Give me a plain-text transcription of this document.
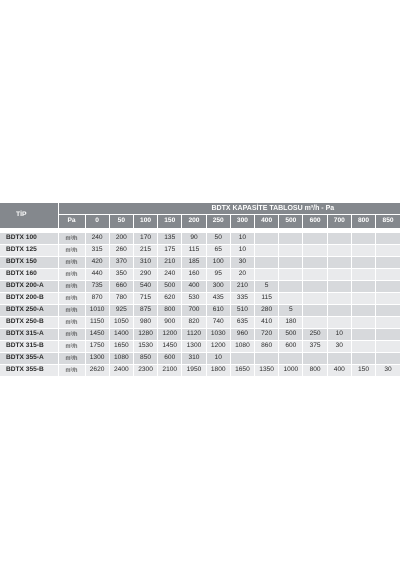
TİP	BDTX KAPASİTE TABLOSU m³/h - Pa													
	Pa	0	50	100	150	200	250	300	400	500	600	700	800	850

BDTX 100	m³/h	240	200	170	135	90	50	10						
BDTX 125	m³/h	315	260	215	175	115	65	10						
BDTX 150	m³/h	420	370	310	210	185	100	30						
BDTX 160	m³/h	440	350	290	240	160	95	20						
BDTX 200-A	m³/h	735	660	540	500	400	300	210	5					
BDTX 200-B	m³/h	870	780	715	620	530	435	335	115					
BDTX 250-A	m³/h	1010	925	875	800	700	610	510	280	5				
BDTX 250-B	m³/h	1150	1050	980	900	820	740	635	410	180				
BDTX 315-A	m³/h	1450	1400	1280	1200	1120	1030	960	720	500	250	10		
BDTX 315-B	m³/h	1750	1650	1530	1450	1300	1200	1080	860	600	375	30		
BDTX 355-A	m³/h	1300	1080	850	600	310	10							
BDTX 355-B	m³/h	2620	2400	2300	2100	1950	1800	1650	1350	1000	800	400	150	30
